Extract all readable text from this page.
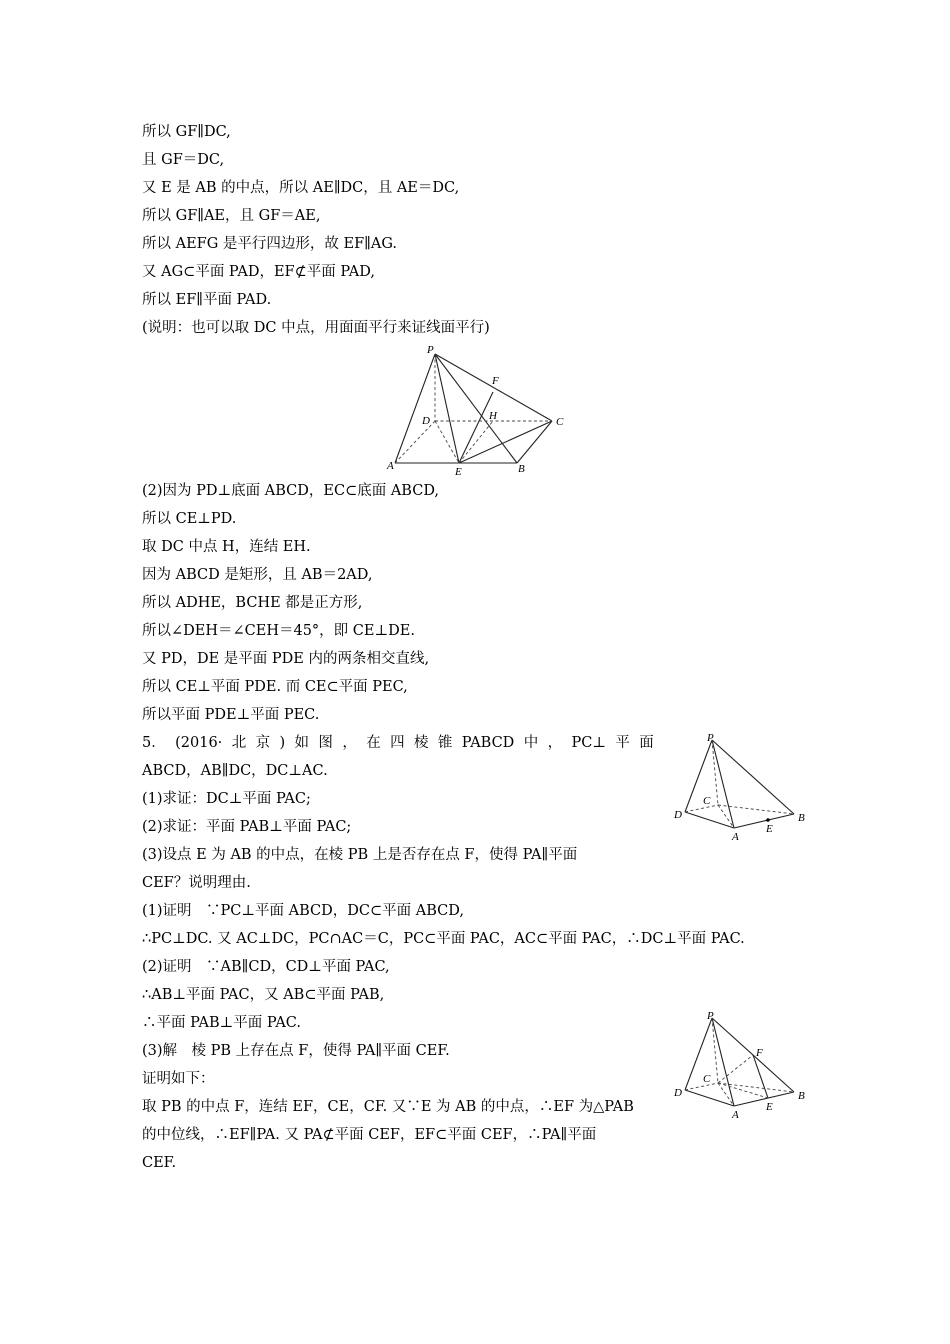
所以 GF∥DC,
且 GF＝DC,
又 E 是 AB 的中点，所以 AE∥DC，且 AE＝DC,
所以 GF∥AE，且 GF＝AE,
所以 AEFG 是平行四边形，故 EF∥AG.
又 AG⊂平面 PAD，EF⊄平面 PAD,
所以 EF∥平面 PAD.
(说明：也可以取 DC 中点，用面面平行来证线面平行)
P
F
D	H	C
A	E	B
(2)因为 PD⊥底面 ABCD，EC⊂底面 ABCD,
所以 CE⊥PD.
取 DC 中点 H，连结 EH.
因为 ABCD 是矩形，且 AB＝2AD,
所以 ADHE，BCHE 都是正方形,
所以∠DEH＝∠CEH＝45°，即 CE⊥DE.
又 PD，DE 是平面 PDE 内的两条相交直线,
所以 CE⊥平面 PDE. 而 CE⊂平面 PEC,
所以平面 PDE⊥平面 PEC.
5． (2016· 北 京 ) 如 图 ， 在 四 棱 锥 PABCD 中 ， PC⊥ 平 面
ABCD，AB∥DC，DC⊥AC.
(1)求证：DC⊥平面 PAC;
(2)求证：平面 PAB⊥平面 PAC;
(3)设点 E 为 AB 的中点，在棱 PB 上是否存在点 F，使得 PA∥平面
CEF？说明理由.
(1)证明　∵PC⊥平面 ABCD，DC⊂平面 ABCD,
∴PC⊥DC. 又 AC⊥DC，PC∩AC＝C，PC⊂平面 PAC，AC⊂平面 PAC，∴DC⊥平面 PAC.
(2)证明　∵AB∥CD，CD⊥平面 PAC,
∴AB⊥平面 PAC，又 AB⊂平面 PAB,
∴平面 PAB⊥平面 PAC.
(3)解　棱 PB 上存在点 F，使得 PA∥平面 CEF.
证明如下：
取 PB 的中点 F，连结 EF，CE，CF. 又∵E 为 AB 的中点，∴EF 为△PAB
的中位线，∴EF∥PA. 又 PA⊄平面 CEF，EF⊂平面 CEF，∴PA∥平面
CEF.
P
C
D
A
E
B
P
F
C
D
A
E
B
